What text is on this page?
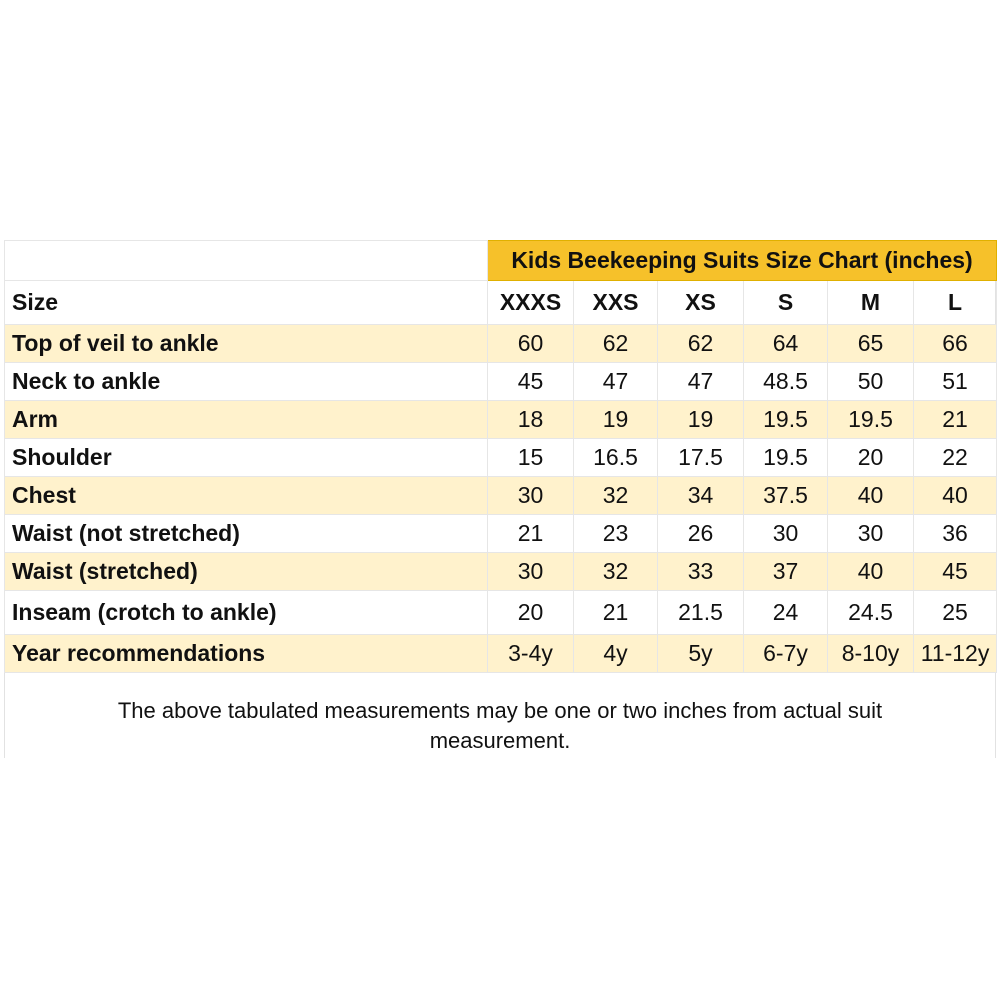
	Kids Beekeeping Suits Size Chart (inches)					
Size	XXXS	XXS	XS	S	M	L
Top of veil to ankle	60	62	62	64	65	66
Neck to ankle	45	47	47	48.5	50	51
Arm	18	19	19	19.5	19.5	21
Shoulder	15	16.5	17.5	19.5	20	22
Chest	30	32	34	37.5	40	40
Waist (not stretched)	21	23	26	30	30	36
Waist (stretched)	30	32	33	37	40	45
Inseam (crotch to ankle)	20	21	21.5	24	24.5	25
Year recommendations	3-4y	4y	5y	6-7y	8-10y	11-12y
The above tabulated measurements may be one or two inches from actual suit measurement.
